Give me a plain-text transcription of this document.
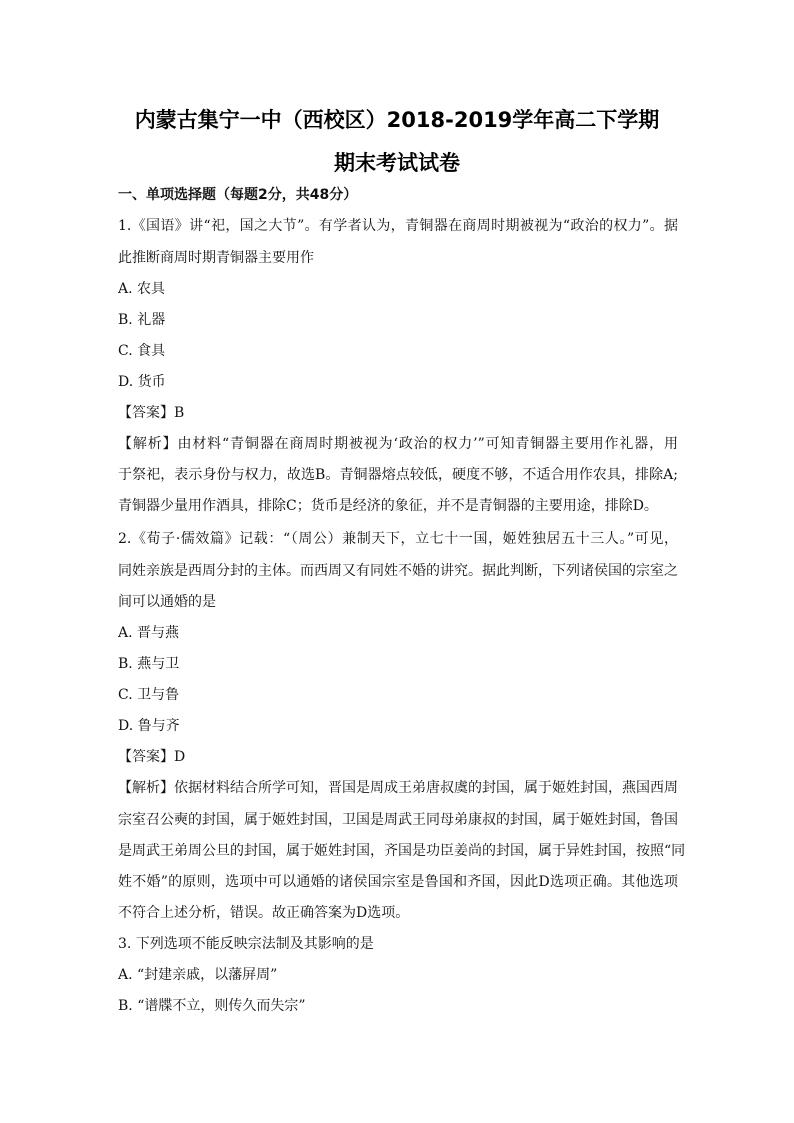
内蒙古集宁一中（西校区）2018-2019学年高二下学期
期末考试试卷
一、单项选择题（每题2分，共48分）
1.《国语》讲“祀，国之大节”。有学者认为，青铜器在商周时期被视为“政治的权力”。据
此推断商周时期青铜器主要用作
A. 农具
B. 礼器
C. 食具
D. 货币
【答案】B
【解析】由材料“青铜器在商周时期被视为‘政治的权力’”可知青铜器主要用作礼器，用
于祭祀，表示身份与权力，故选B。青铜器熔点较低，硬度不够，不适合用作农具，排除A;
青铜器少量用作酒具，排除C；货币是经济的象征，并不是青铜器的主要用途，排除D。
2.《荀子·儒效篇》记载：“（周公）兼制天下，立七十一国，姬姓独居五十三人。”可见，
同姓亲族是西周分封的主体。而西周又有同姓不婚的讲究。据此判断，下列诸侯国的宗室之
间可以通婚的是
A. 晋与燕
B. 燕与卫
C. 卫与鲁
D. 鲁与齐
【答案】D
【解析】依据材料结合所学可知，晋国是周成王弟唐叔虞的封国，属于姬姓封国，燕国西周
宗室召公奭的封国，属于姬姓封国，卫国是周武王同母弟康叔的封国，属于姬姓封国，鲁国
是周武王弟周公旦的封国，属于姬姓封国，齐国是功臣姜尚的封国，属于异姓封国，按照“同
姓不婚”的原则，选项中可以通婚的诸侯国宗室是鲁国和齐国，因此D选项正确。其他选项
不符合上述分析，错误。故正确答案为D选项。
3. 下列选项不能反映宗法制及其影响的是
A. “封建亲戚，以藩屏周”
B. “谱牒不立，则传久而失宗”
